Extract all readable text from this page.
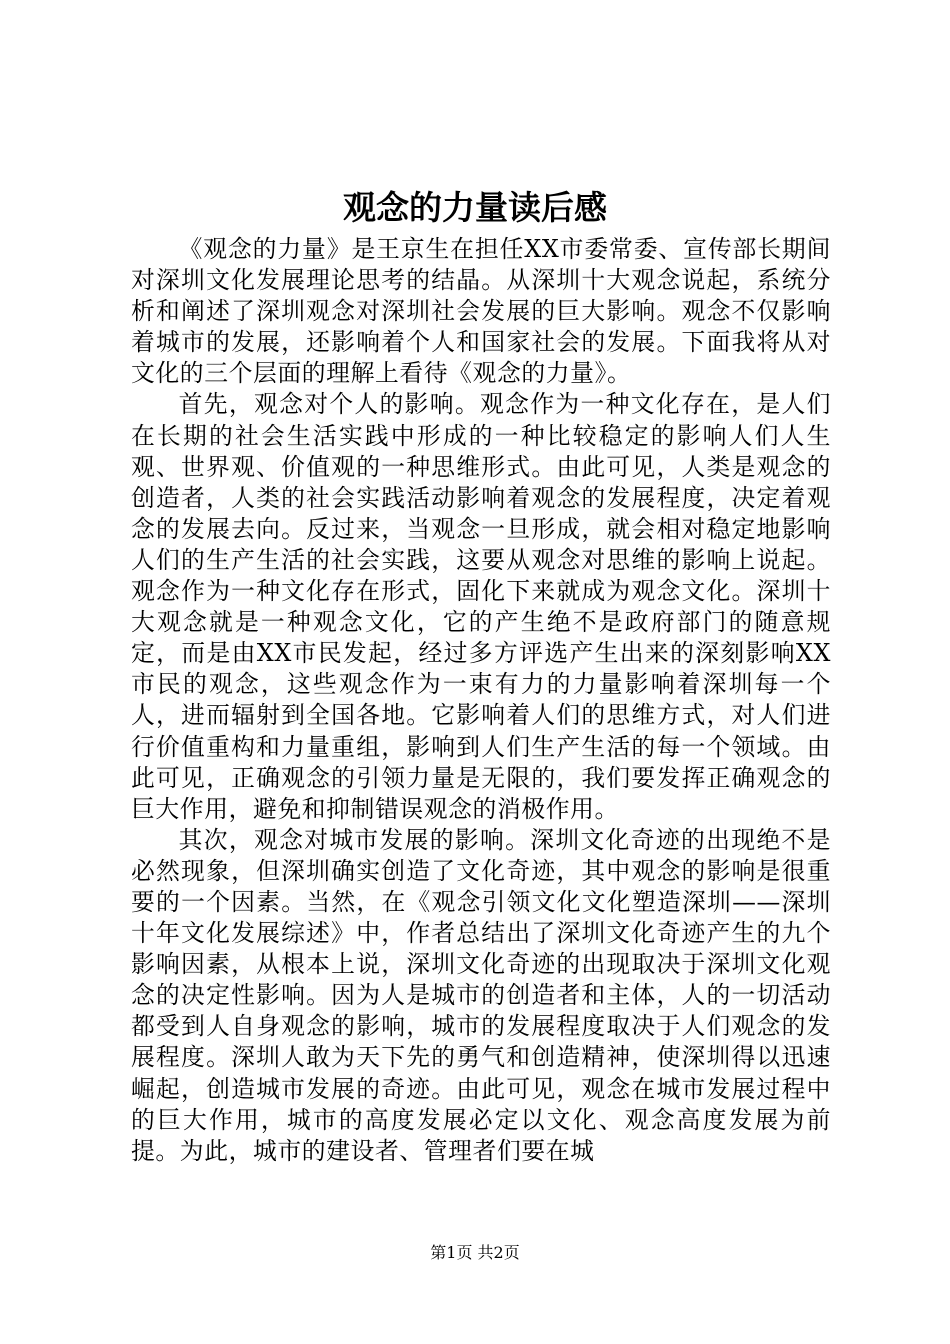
观念的力量读后感

《观念的力量》是王京生在担任XX市委常委、宣传部长期间对深圳文化发展理论思考的结晶。从深圳十大观念说起，系统分析和阐述了深圳观念对深圳社会发展的巨大影响。观念不仅影响着城市的发展，还影响着个人和国家社会的发展。下面我将从对文化的三个层面的理解上看待《观念的力量》。

首先，观念对个人的影响。观念作为一种文化存在，是人们在长期的社会生活实践中形成的一种比较稳定的影响人们人生观、世界观、价值观的一种思维形式。由此可见，人类是观念的创造者，人类的社会实践活动影响着观念的发展程度，决定着观念的发展去向。反过来，当观念一旦形成，就会相对稳定地影响人们的生产生活的社会实践，这要从观念对思维的影响上说起。观念作为一种文化存在形式，固化下来就成为观念文化。深圳十大观念就是一种观念文化，它的产生绝不是政府部门的随意规定，而是由XX市民发起，经过多方评选产生出来的深刻影响XX市民的观念，这些观念作为一束有力的力量影响着深圳每一个人，进而辐射到全国各地。它影响着人们的思维方式，对人们进行价值重构和力量重组，影响到人们生产生活的每一个领域。由此可见，正确观念的引领力量是无限的，我们要发挥正确观念的巨大作用，避免和抑制错误观念的消极作用。

其次，观念对城市发展的影响。深圳文化奇迹的出现绝不是必然现象，但深圳确实创造了文化奇迹，其中观念的影响是很重要的一个因素。当然，在《观念引领文化文化塑造深圳——深圳十年文化发展综述》中，作者总结出了深圳文化奇迹产生的九个影响因素，从根本上说，深圳文化奇迹的出现取决于深圳文化观念的决定性影响。因为人是城市的创造者和主体，人的一切活动都受到人自身观念的影响，城市的发展程度取决于人们观念的发展程度。深圳人敢为天下先的勇气和创造精神，使深圳得以迅速崛起，创造城市发展的奇迹。由此可见，观念在城市发展过程中的巨大作用，城市的高度发展必定以文化、观念高度发展为前提。为此，城市的建设者、管理者们要在城

第1页 共2页
